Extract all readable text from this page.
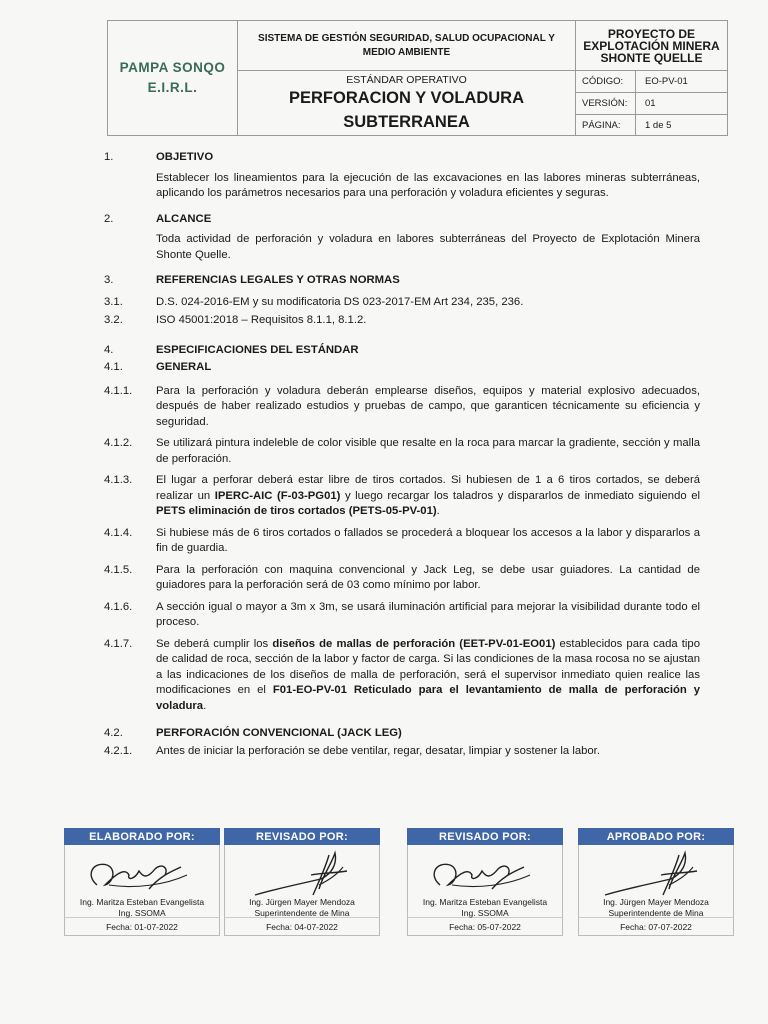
PAMPA SONQO
E.I.R.L.
SISTEMA DE GESTIÓN SEGURIDAD, SALUD OCUPACIONAL Y MEDIO AMBIENTE
PROYECTO DE EXPLOTACIÓN MINERA SHONTE QUELLE
ESTÁNDAR OPERATIVO
PERFORACION Y VOLADURA
SUBTERRANEA
CÓDIGO:	EO-PV-01
VERSIÓN:	01
PÁGINA:	1 de 5
1.	OBJETIVO
Establecer los lineamientos para la ejecución de las excavaciones en las labores mineras subterráneas, aplicando los parámetros necesarios para una perforación y voladura eficientes y seguras.
2.	ALCANCE
Toda actividad de perforación y voladura en labores subterráneas del Proyecto de Explotación Minera Shonte Quelle.
3.	REFERENCIAS LEGALES Y OTRAS NORMAS
3.1.	D.S. 024-2016-EM y su modificatoria DS 023-2017-EM Art 234, 235, 236.
3.2.	ISO 45001:2018 – Requisitos 8.1.1, 8.1.2.
4.	ESPECIFICACIONES DEL ESTÁNDAR
4.1.	GENERAL
4.1.1.	Para la perforación y voladura deberán emplearse diseños, equipos y material explosivo adecuados, después de haber realizado estudios y pruebas de campo, que garanticen técnicamente su eficiencia y seguridad.
4.1.2.	Se utilizará pintura indeleble de color visible que resalte en la roca para marcar la gradiente, sección y malla de perforación.
4.1.3.	El lugar a perforar deberá estar libre de tiros cortados. Si hubiesen de 1 a 6 tiros cortados, se deberá realizar un IPERC-AIC (F-03-PG01) y luego recargar los taladros y dispararlos de inmediato siguiendo el PETS eliminación de tiros cortados (PETS-05-PV-01).
4.1.4.	Si hubiese más de 6 tiros cortados o fallados se procederá a bloquear los accesos a la labor y dispararlos a fin de guardia.
4.1.5.	Para la perforación con maquina convencional y Jack Leg, se debe usar guiadores. La cantidad de guiadores para la perforación será de 03 como mínimo por labor.
4.1.6.	A sección igual o mayor a 3m x 3m, se usará iluminación artificial para mejorar la visibilidad durante todo el proceso.
4.1.7.	Se deberá cumplir los diseños de mallas de perforación (EET-PV-01-EO01) establecidos para cada tipo de calidad de roca, sección de la labor y factor de carga. Si las condiciones de la masa rocosa no se ajustan a las indicaciones de los diseños de malla de perforación, será el supervisor inmediato quien realice las modificaciones en el F01-EO-PV-01 Reticulado para el levantamiento de malla de perforación y voladura.
4.2.	PERFORACIÓN CONVENCIONAL (JACK LEG)
4.2.1.	Antes de iniciar la perforación se debe ventilar, regar, desatar, limpiar y sostener la labor.
ELABORADO POR:
Ing. Maritza Esteban Evangelista
Ing. SSOMA
Fecha: 01-07-2022
REVISADO POR:
Ing. Jürgen Mayer Mendoza
Superintendente de Mina
Fecha: 04-07-2022
REVISADO POR:
Ing. Maritza Esteban Evangelista
Ing. SSOMA
Fecha: 05-07-2022
APROBADO POR:
Ing. Jürgen Mayer Mendoza
Superintendente de Mina
Fecha: 07-07-2022
